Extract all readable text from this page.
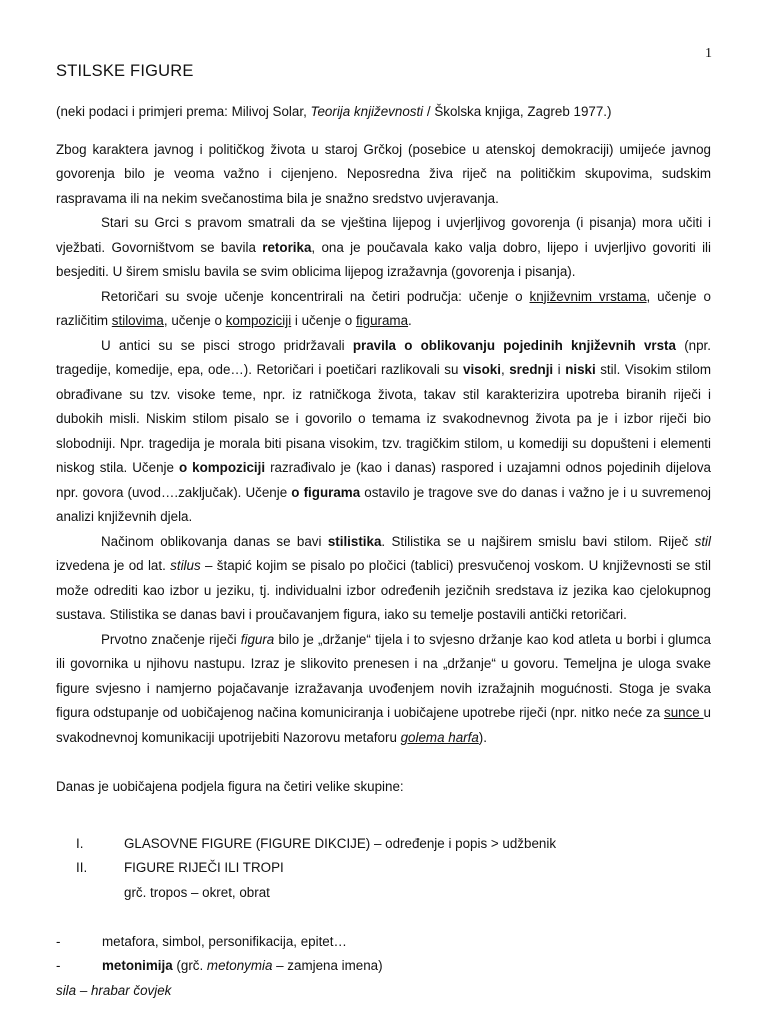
1
STILSKE FIGURE

(neki podaci i primjeri prema: Milivoj Solar, Teorija književnosti / Školska knjiga, Zagreb 1977.)

Zbog karaktera javnog i političkog života u staroj Grčkoj (posebice u atenskoj demokraciji) umijeće javnog govorenja bilo je veoma važno i cijenjeno. Neposredna živa riječ na političkim skupovima, sudskim raspravama ili na nekim svečanostima bila je snažno sredstvo uvjeravanja.

Stari su Grci s pravom smatrali da se vještina lijepog i uvjerljivog govorenja (i pisanja) mora učiti i vježbati. Govorništvom se bavila retorika, ona je poučavala kako valja dobro, lijepo i uvjerljivo govoriti ili besjediti. U širem smislu bavila se svim oblicima lijepog izražavnja (govorenja i pisanja).

Retoričari su svoje učenje koncentrirali na četiri područja: učenje o književnim vrstama, učenje o različitim stilovima, učenje o kompoziciji i učenje o figurama.

U antici su se pisci strogo pridržavali pravila o oblikovanju pojedinih književnih vrsta (npr. tragedije, komedije, epa, ode…). Retoričari i poetičari razlikovali su visoki, srednji i niski stil. Visokim stilom obrađivane su tzv. visoke teme, npr. iz ratničkoga života, takav stil karakterizira upotreba biranih riječi i dubokih misli. Niskim stilom pisalo se i govorilo o temama iz svakodnevnog života pa je i izbor riječi bio slobodniji. Npr. tragedija je morala biti pisana visokim, tzv. tragičkim stilom, u komediji su dopušteni i elementi niskog stila. Učenje o kompoziciji razrađivalo je (kao i danas) raspored i uzajamni odnos pojedinih dijelova npr. govora (uvod….zaključak). Učenje o figurama ostavilo je tragove sve do danas i važno je i u suvremenoj analizi književnih djela.

Načinom oblikovanja danas se bavi stilistika. Stilistika se u najširem smislu bavi stilom. Riječ stil izvedena je od lat. stilus – štapić kojim se pisalo po pločici (tablici) presvučenoj voskom. U književnosti se stil može odrediti kao izbor u jeziku, tj. individualni izbor određenih jezičnih sredstava iz jezika kao cjelokupnog sustava. Stilistika se danas bavi i proučavanjem figura, iako su temelje postavili antički retoričari.

Prvotno značenje riječi figura bilo je „držanje“ tijela i to svjesno držanje kao kod atleta u borbi i glumca ili govornika u njihovu nastupu. Izraz je slikovito prenesen i na „držanje“ u govoru. Temeljna je uloga svake figure svjesno i namjerno pojačavanje izražavanja uvođenjem novih izražajnih mogućnosti. Stoga je svaka figura odstupanje od uobičajenog načina komuniciranja i uobičajene upotrebe riječi (npr. nitko neće za sunce u svakodnevnoj komunikaciji upotrijebiti Nazorovu metaforu golema harfa).

Danas je uobičajena podjela figura na četiri velike skupine:

I.	GLASOVNE FIGURE (FIGURE DIKCIJE) – određenje i popis > udžbenik
II.	FIGURE RIJEČI ILI TROPI
grč. tropos – okret, obrat
-	metafora, simbol, personifikacija, epitet…
-	metonimija (grč. metonymia – zamjena imena)
sila – hrabar čovjek
